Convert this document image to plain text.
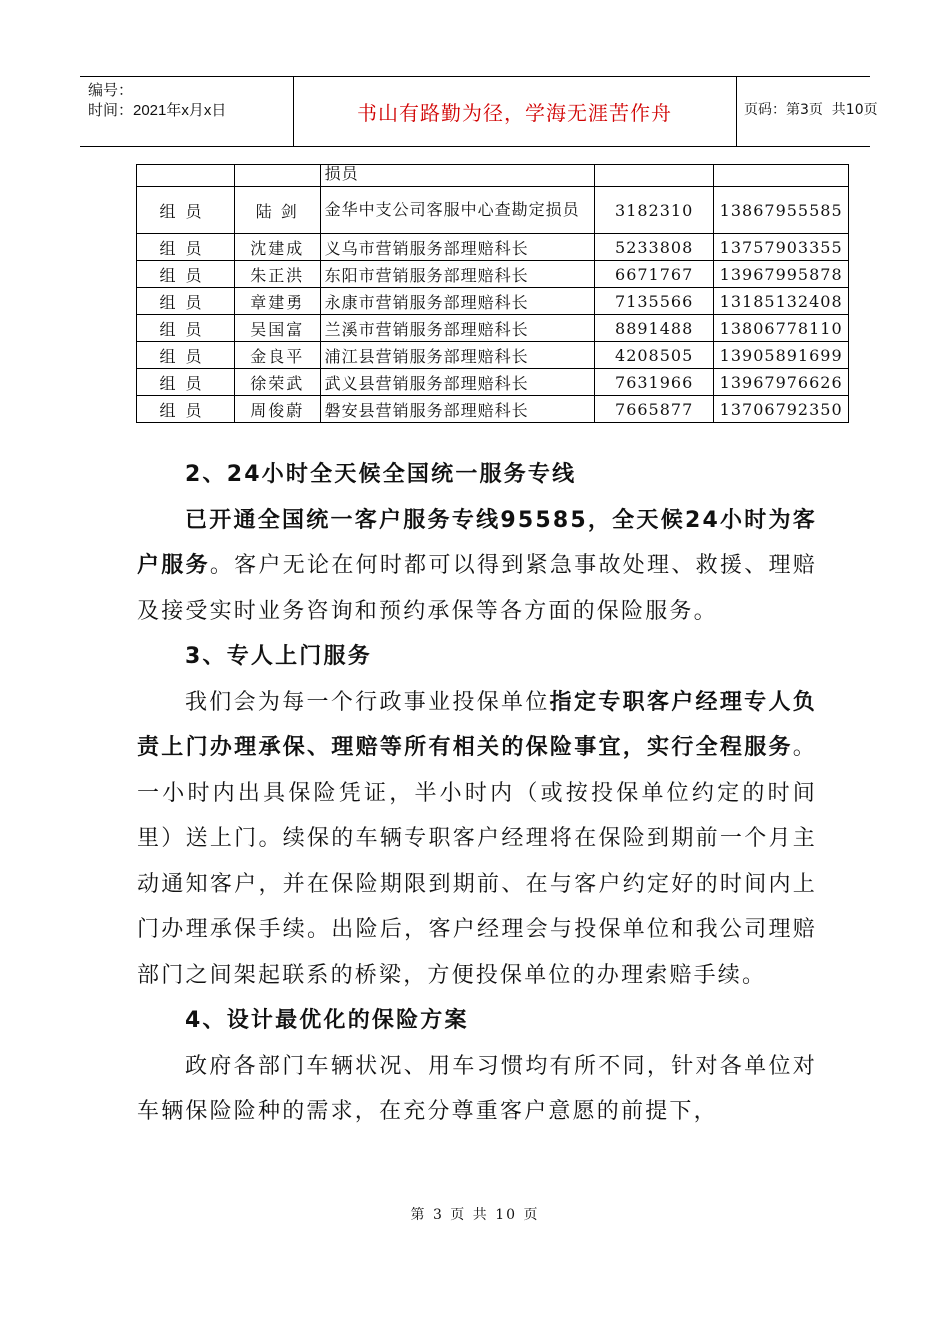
编号：
时间：2021年x月x日	书山有路勤为径，学海无涯苦作舟	页码：第3页  共10页
		损员		
组员	陆 剑	金华中支公司客服中心查勘定损员	3182310	13867955585
组员	沈建成	义乌市营销服务部理赔科长	5233808	13757903355
组员	朱正洪	东阳市营销服务部理赔科长	6671767	13967995878
组员	章建勇	永康市营销服务部理赔科长	7135566	13185132408
组员	吴国富	兰溪市营销服务部理赔科长	8891488	13806778110
组员	金良平	浦江县营销服务部理赔科长	4208505	13905891699
组员	徐荣武	武义县营销服务部理赔科长	7631966	13967976626
组员	周俊蔚	磐安县营销服务部理赔科长	7665877	13706792350

2、24小时全天候全国统一服务专线

已开通全国统一客户服务专线95585，全天候24小时为客户服务。客户无论在何时都可以得到紧急事故处理、救援、理赔及接受实时业务咨询和预约承保等各方面的保险服务。

3、专人上门服务

我们会为每一个行政事业投保单位指定专职客户经理专人负责上门办理承保、理赔等所有相关的保险事宜，实行全程服务。一小时内出具保险凭证，半小时内（或按投保单位约定的时间里）送上门。续保的车辆专职客户经理将在保险到期前一个月主动通知客户，并在保险期限到期前、在与客户约定好的时间内上门办理承保手续。出险后，客户经理会与投保单位和我公司理赔部门之间架起联系的桥梁，方便投保单位的办理索赔手续。

4、设计最优化的保险方案

政府各部门车辆状况、用车习惯均有所不同，针对各单位对车辆保险险种的需求，在充分尊重客户意愿的前提下，

第 3 页 共 10 页
